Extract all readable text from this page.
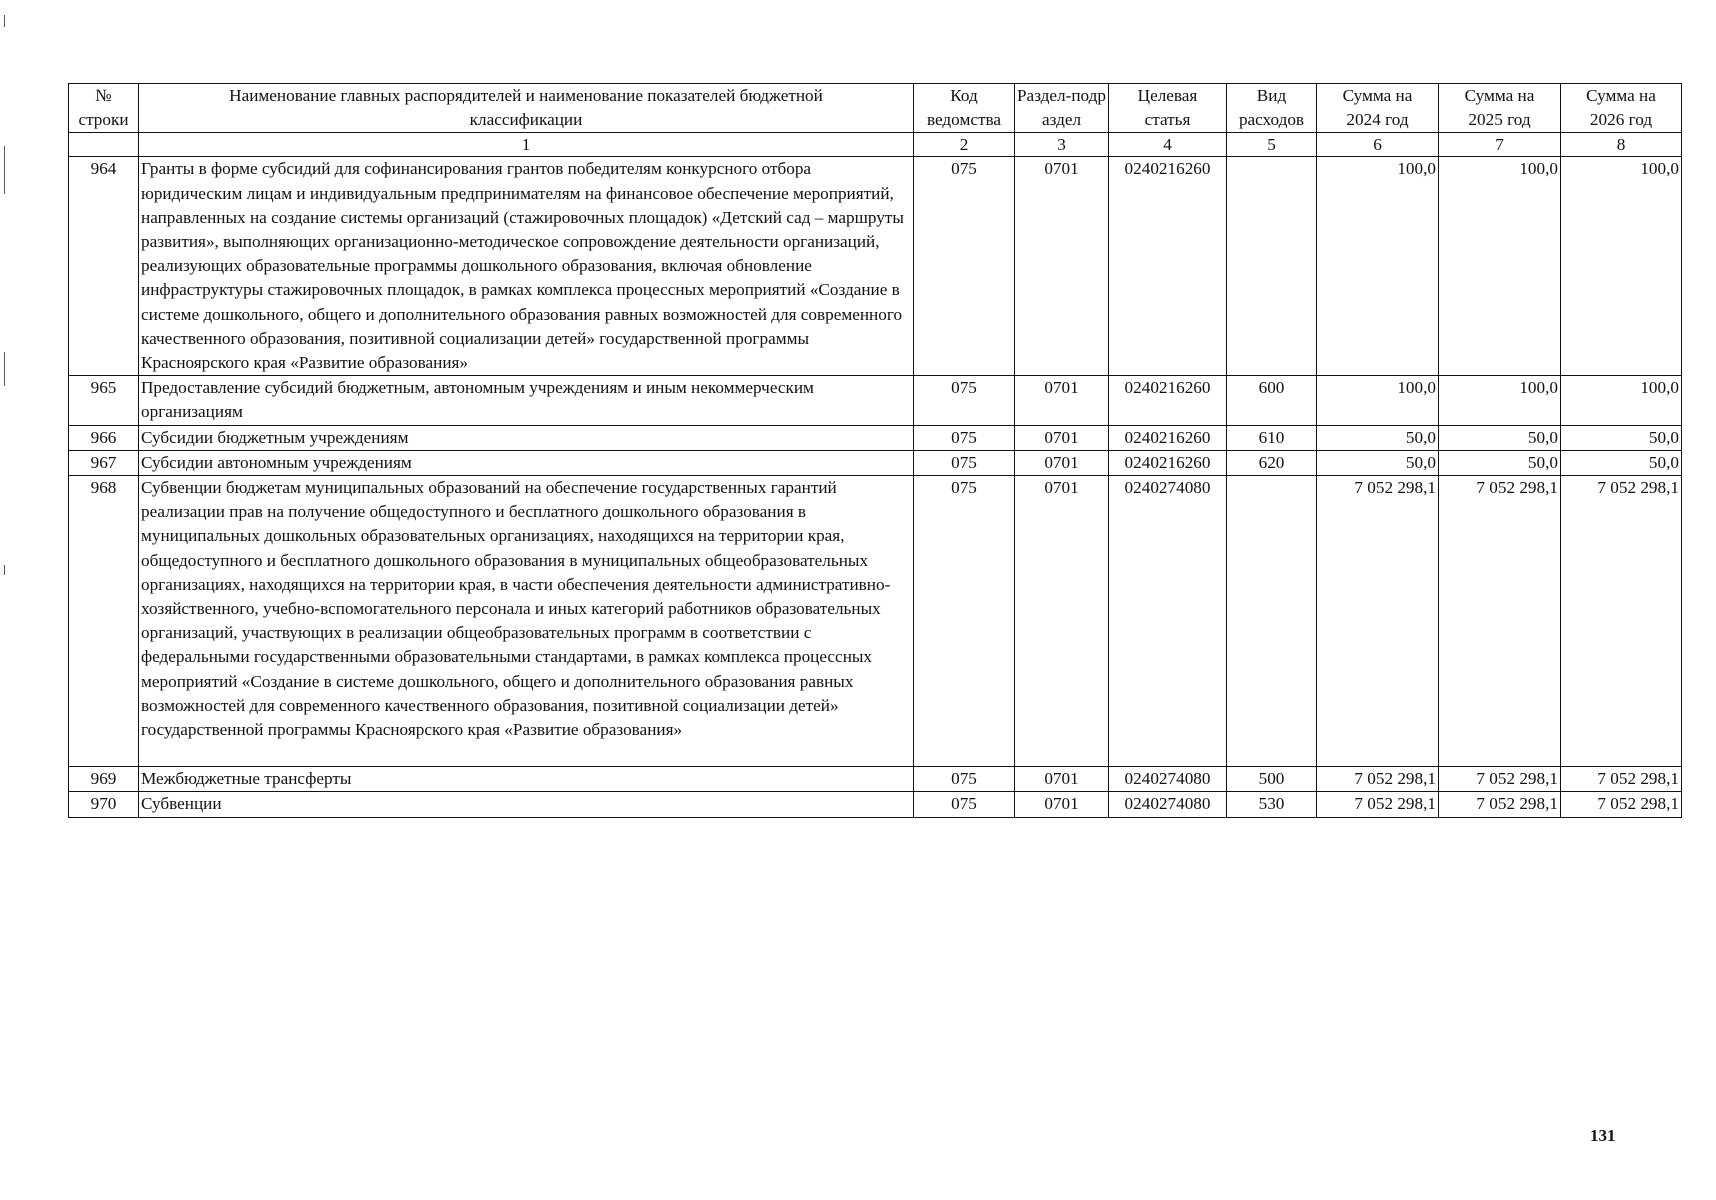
№ строки	Наименование главных распорядителей и наименование показателей бюджетной классификации	Код ведомства	Раздел-подраздел	Целевая статья	Вид расходов	Сумма на 2024 год	Сумма на 2025 год	Сумма на 2026 год
	1	2	3	4	5	6	7	8
964	Гранты в форме субсидий для софинансирования грантов победителям конкурсного отбора юридическим лицам и индивидуальным предпринимателям на финансовое обеспечение мероприятий, направленных на создание системы организаций (стажировочных площадок) «Детский сад – маршруты развития», выполняющих организационно-методическое сопровождение деятельности организаций, реализующих образовательные программы дошкольного образования, включая обновление инфраструктуры стажировочных площадок, в рамках комплекса процессных мероприятий «Создание в системе дошкольного, общего и дополнительного образования равных возможностей для современного качественного образования, позитивной социализации детей» государственной программы Красноярского края «Развитие образования»	075	0701	0240216260		100,0	100,0	100,0
965	Предоставление субсидий бюджетным, автономным учреждениям и иным некоммерческим организациям	075	0701	0240216260	600	100,0	100,0	100,0
966	Субсидии бюджетным учреждениям	075	0701	0240216260	610	50,0	50,0	50,0
967	Субсидии автономным учреждениям	075	0701	0240216260	620	50,0	50,0	50,0
968	Субвенции бюджетам муниципальных образований на обеспечение государственных гарантий реализации прав на получение общедоступного и бесплатного дошкольного образования в муниципальных дошкольных образовательных организациях, находящихся на территории края, общедоступного и бесплатного дошкольного образования в муниципальных общеобразовательных организациях, находящихся на территории края, в части обеспечения деятельности административно-хозяйственного, учебно-вспомогательного персонала и иных категорий работников образовательных организаций, участвующих в реализации общеобразовательных программ в соответствии с федеральными государственными образовательными стандартами, в рамках комплекса процессных мероприятий «Создание в системе дошкольного, общего и дополнительного образования равных возможностей для современного качественного образования, позитивной социализации детей» государственной программы Красноярского края «Развитие образования»	075	0701	0240274080		7 052 298,1	7 052 298,1	7 052 298,1
969	Межбюджетные трансферты	075	0701	0240274080	500	7 052 298,1	7 052 298,1	7 052 298,1
970	Субвенции	075	0701	0240274080	530	7 052 298,1	7 052 298,1	7 052 298,1
131
